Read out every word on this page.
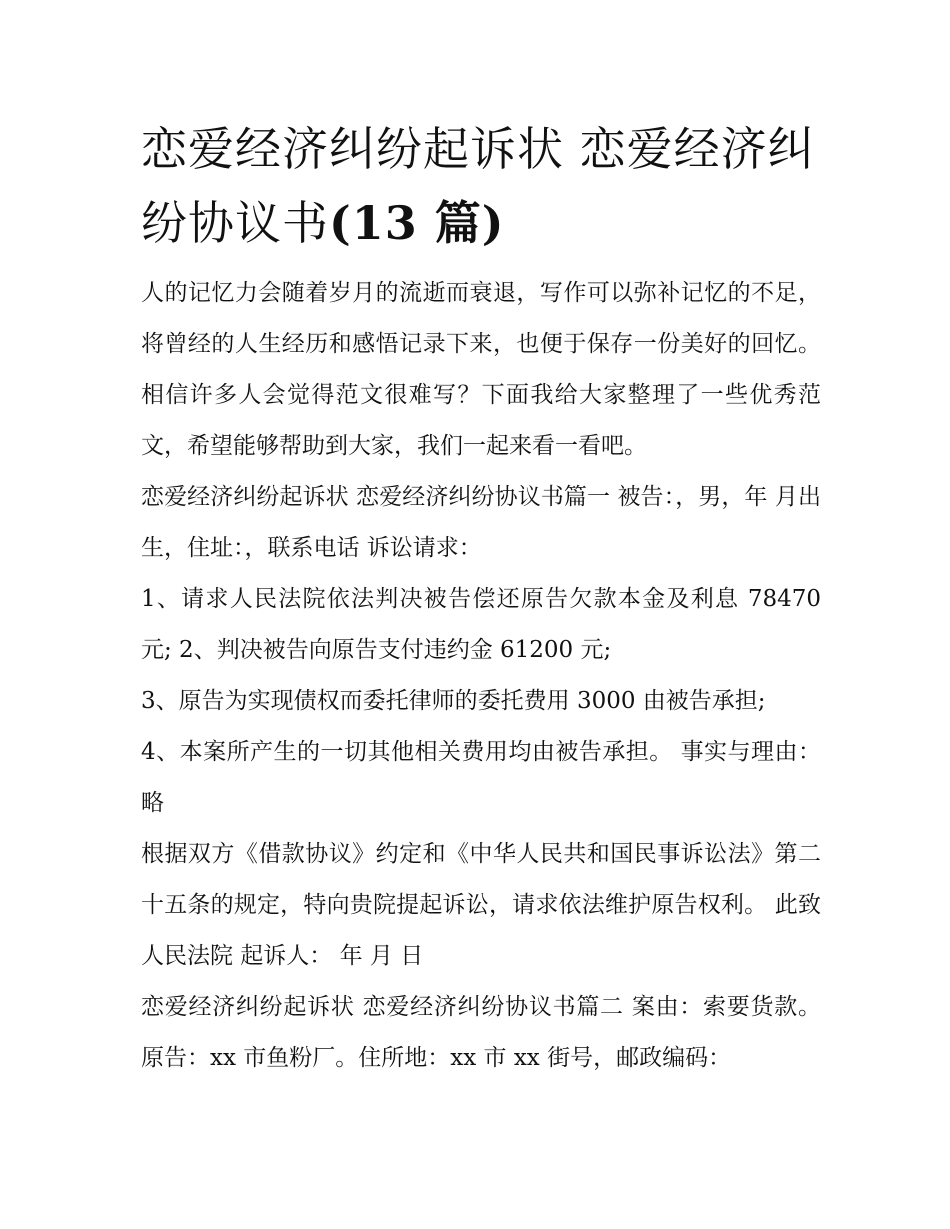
恋爱经济纠纷起诉状 恋爱经济纠纷协议书(13 篇)

人的记忆力会随着岁月的流逝而衰退，写作可以弥补记忆的不足，将曾经的人生经历和感悟记录下来，也便于保存一份美好的回忆。相信许多人会觉得范文很难写？下面我给大家整理了一些优秀范文，希望能够帮助到大家，我们一起来看一看吧。

恋爱经济纠纷起诉状 恋爱经济纠纷协议书篇一 被告：，男，年 月出生，住址：，联系电话 诉讼请求：

1、请求人民法院依法判决被告偿还原告欠款本金及利息 78470 元; 2、判决被告向原告支付违约金 61200 元;

3、原告为实现债权而委托律师的委托费用 3000 由被告承担;

4、本案所产生的一切其他相关费用均由被告承担。 事实与理由： 略

根据双方《借款协议》约定和《中华人民共和国民事诉讼法》第二十五条的规定，特向贵院提起诉讼，请求依法维护原告权利。 此致 人民法院 起诉人： 年 月 日

恋爱经济纠纷起诉状 恋爱经济纠纷协议书篇二 案由：索要货款。 原告：xx 市鱼粉厂。住所地：xx 市 xx 街号，邮政编码：
